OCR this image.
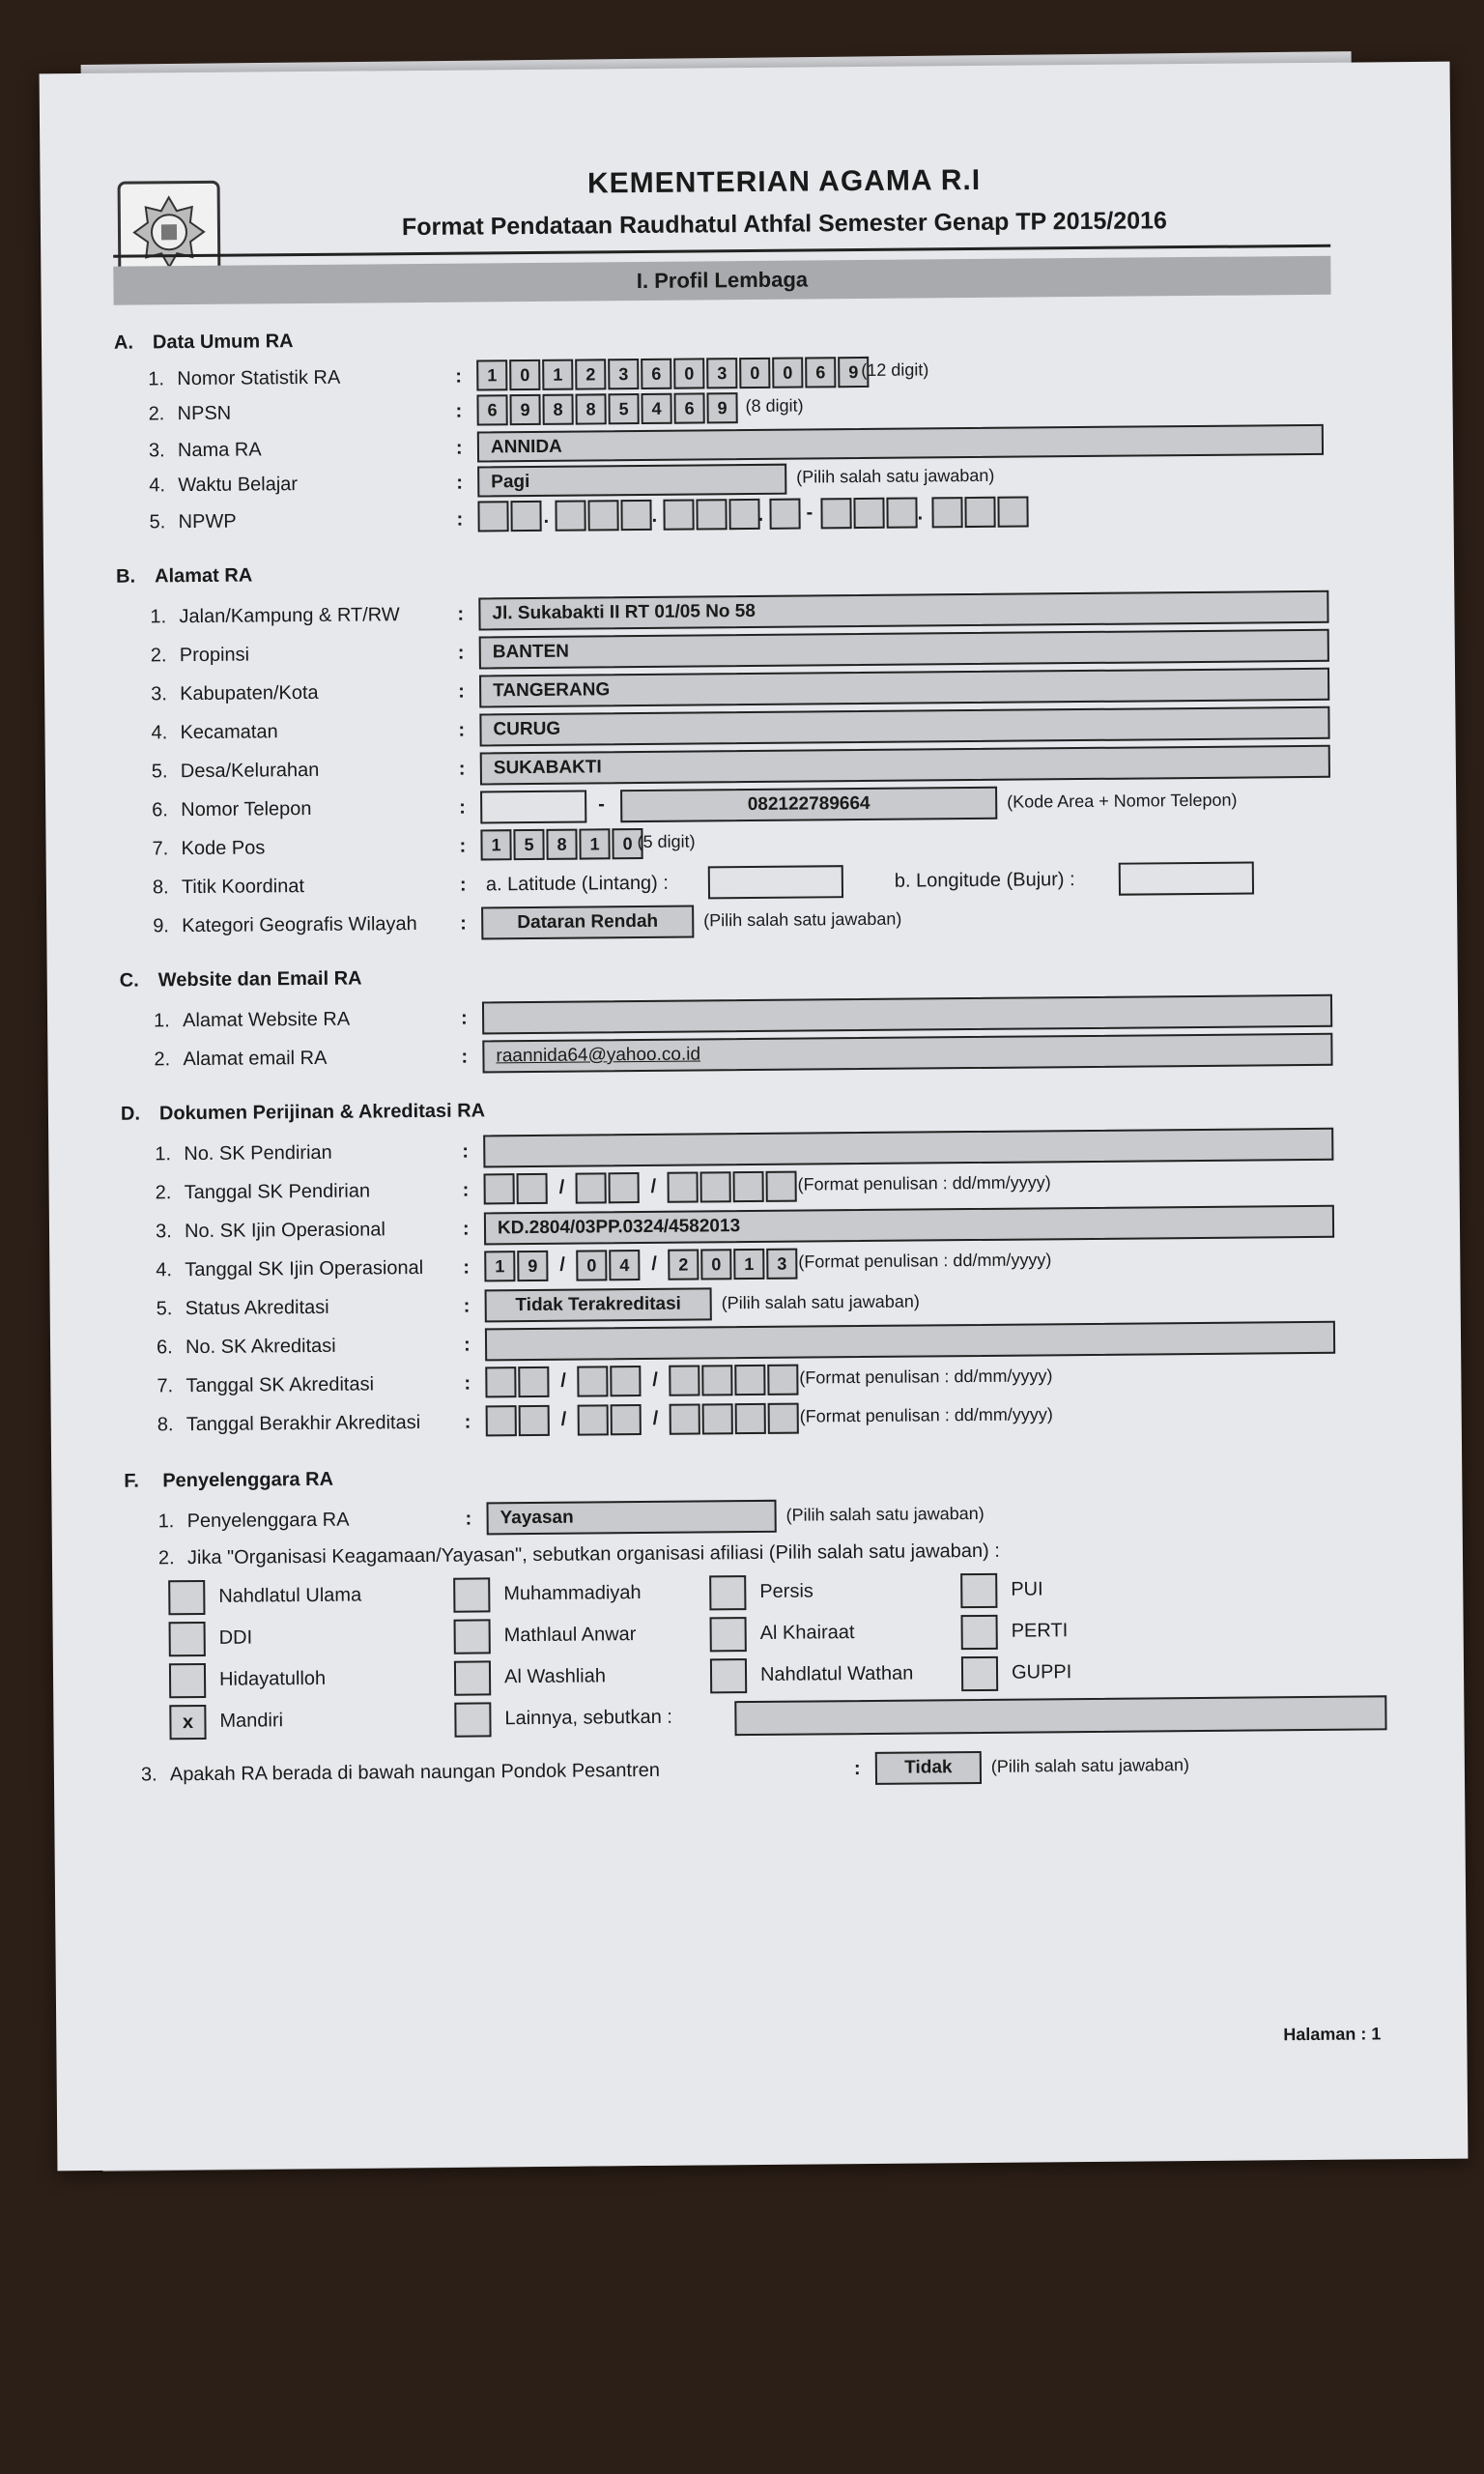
KEMENTERIAN AGAMA R.I
Format Pendataan Raudhatul Athfal Semester Genap TP 2015/2016
I. Profil Lembaga
A. Data Umum RA
1. Nomor Statistik RA	:	1	0	1	2	3	6	0	3	0	0	6	9 (12 digit)
2. NPSN	:	6	9	8	8	5	4	6	9	(8 digit)
3. Nama RA	:	ANNIDA
4. Waktu Belajar	:	Pagi	(Pilih salah satu jawaban)
5. NPWP	:	.	.	. -	.
B. Alamat RA
1. Jalan/Kampung & RT/RW	:	Jl. Sukabakti II RT 01/05 No 58
2. Propinsi	:	BANTEN
3. Kabupaten/Kota	:	TANGERANG
4. Kecamatan	:	CURUG
5. Desa/Kelurahan	:	SUKABAKTI
6. Nomor Telepon	:	-	082122789664	(Kode Area + Nomor Telepon)
7. Kode Pos	:	1	5	8	1	0 (5 digit)
8. Titik Koordinat	: a. Latitude (Lintang) :	b. Longitude (Bujur) :
9. Kategori Geografis Wilayah :	Dataran Rendah	(Pilih salah satu jawaban)
C. Website dan Email RA
1. Alamat Website RA	:
2. Alamat email RA	:	raannida64@yahoo.co.id
D. Dokumen Perijinan & Akreditasi RA
1. No. SK Pendirian	:
2. Tanggal SK Pendirian	:	/	/	(Format penulisan : dd/mm/yyyy)
3. No. SK Ijin Operasional	:	KD.2804/03PP.0324/4582013
4. Tanggal SK Ijin Operasional :	1	9	/	0	4	/	2	0	1	3 (Format penulisan : dd/mm/yyyy)
5. Status Akreditasi	:	Tidak Terakreditasi	(Pilih salah satu jawaban)
6. No. SK Akreditasi	:
7. Tanggal SK Akreditasi	:	/	/	(Format penulisan : dd/mm/yyyy)
8. Tanggal Berakhir Akreditasi :	/	/	(Format penulisan : dd/mm/yyyy)
F. Penyelenggara RA
1. Penyelenggara RA	:	Yayasan	(Pilih salah satu jawaban)
2. Jika "Organisasi Keagamaan/Yayasan", sebutkan organisasi afiliasi (Pilih salah satu jawaban) :
Nahdlatul Ulama	Muhammadiyah	Persis	PUI
DDI	Mathlaul Anwar	Al Khairaat	PERTI
Hidayatulloh	Al Washliah	Nahdlatul Wathan	GUPPI
x	Mandiri	Lainnya, sebutkan :
3. Apakah RA berada di bawah naungan Pondok Pesantren	:	Tidak	(Pilih salah satu jawaban)
Halaman : 1
